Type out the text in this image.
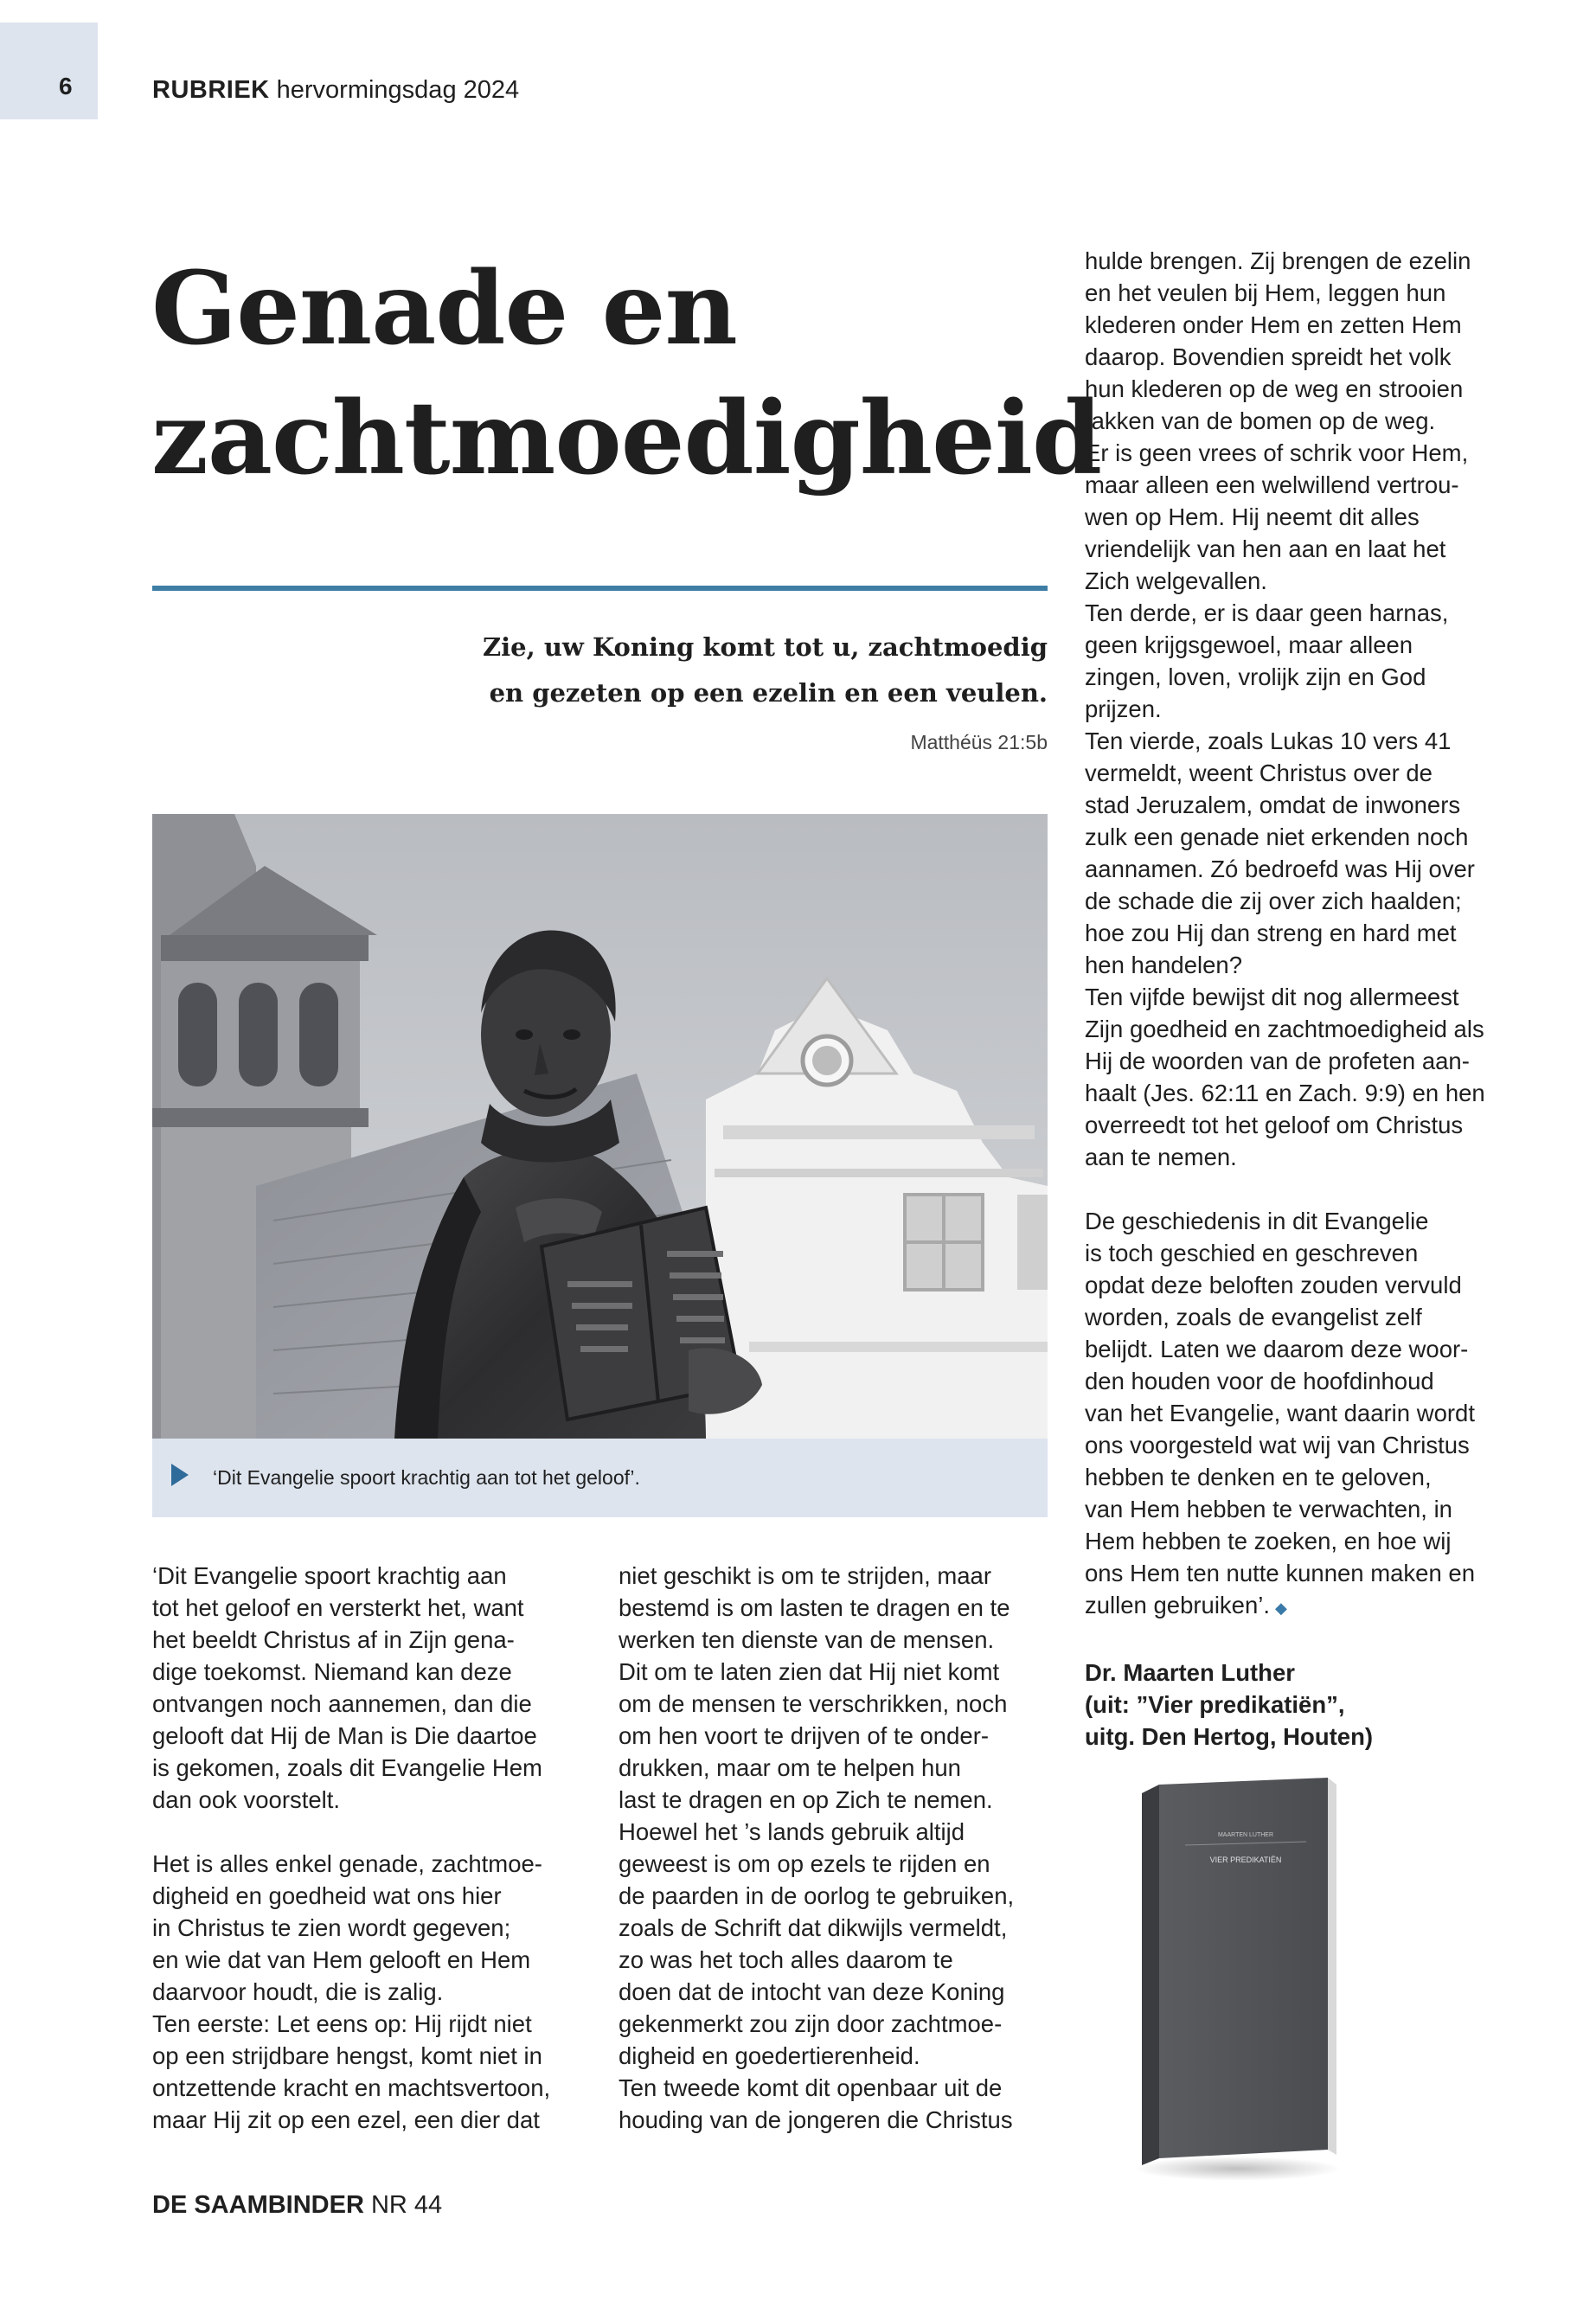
6	RUBRIEK hervormingsdag 2024
Genade en
zachtmoedigheid
Zie, uw Koning komt tot u, zachtmoedig
en gezeten op een ezelin en een veulen.
Matthéüs 21:5b
‘Dit Evangelie spoort krachtig aan tot het geloof’.
‘Dit Evangelie spoort krachtig aan
tot het geloof en versterkt het, want
het beeldt Christus af in Zijn gena-
dige toekomst. Niemand kan deze
ontvangen noch aannemen, dan die
gelooft dat Hij de Man is Die daartoe
is gekomen, zoals dit Evangelie Hem
dan ook voorstelt.
Het is alles enkel genade, zachtmoe-
digheid en goedheid wat ons hier
in Christus te zien wordt gegeven;
en wie dat van Hem gelooft en Hem
daarvoor houdt, die is zalig.
Ten eerste: Let eens op: Hij rijdt niet
op een strijdbare hengst, komt niet in
ontzettende kracht en machtsvertoon,
maar Hij zit op een ezel, een dier dat
niet geschikt is om te strijden, maar
bestemd is om lasten te dragen en te
werken ten dienste van de mensen.
Dit om te laten zien dat Hij niet komt
om de mensen te verschrikken, noch
om hen voort te drijven of te onder-
drukken, maar om te helpen hun
last te dragen en op Zich te nemen.
Hoewel het ’s lands gebruik altijd
geweest is om op ezels te rijden en
de paarden in de oorlog te gebruiken,
zoals de Schrift dat dikwijls vermeldt,
zo was het toch alles daarom te
doen dat de intocht van deze Koning
gekenmerkt zou zijn door zachtmoe-
digheid en goedertierenheid.
Ten tweede komt dit openbaar uit de
houding van de jongeren die Christus
hulde brengen. Zij brengen de ezelin
en het veulen bij Hem, leggen hun
klederen onder Hem en zetten Hem
daarop. Bovendien spreidt het volk
hun klederen op de weg en strooien
takken van de bomen op de weg.
Er is geen vrees of schrik voor Hem,
maar alleen een welwillend vertrou-
wen op Hem. Hij neemt dit alles
vriendelijk van hen aan en laat het
Zich welgevallen.
Ten derde, er is daar geen harnas,
geen krijgsgewoel, maar alleen
zingen, loven, vrolijk zijn en God
prijzen.
Ten vierde, zoals Lukas 10 vers 41
vermeldt, weent Christus over de
stad Jeruzalem, omdat de inwoners
zulk een genade niet erkenden noch
aannamen. Zó bedroefd was Hij over
de schade die zij over zich haalden;
hoe zou Hij dan streng en hard met
hen handelen?
Ten vijfde bewijst dit nog allermeest
Zijn goedheid en zachtmoedigheid als
Hij de woorden van de profeten aan-
haalt (Jes. 62:11 en Zach. 9:9) en hen
overreedt tot het geloof om Christus
aan te nemen.
De geschiedenis in dit Evangelie
is toch geschied en geschreven
opdat deze beloften zouden vervuld
worden, zoals de evangelist zelf
belijdt. Laten we daarom deze woor-
den houden voor de hoofdinhoud
van het Evangelie, want daarin wordt
ons voorgesteld wat wij van Christus
hebben te denken en te geloven,
van Hem hebben te verwachten, in
Hem hebben te zoeken, en hoe wij
ons Hem ten nutte kunnen maken en
zullen gebruiken’. ◆
Dr. Maarten Luther
(uit: ”Vier predikatiën”,
uitg. Den Hertog, Houten)
MAARTEN LUTHER
VIER PREDIKATIËN
DE SAAMBINDER NR 44
